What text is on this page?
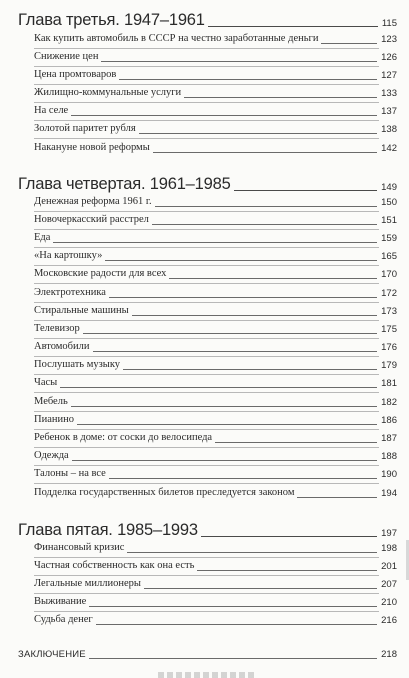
Глава третья. 1947–1961	115
Как купить автомобиль в СССР на честно заработанные деньги	123
Снижение цен	126
Цена промтоваров	127
Жилищно-коммунальные услуги	133
На селе	137
Золотой паритет рубля	138
Накануне новой реформы	142
Глава четвертая. 1961–1985	149
Денежная реформа 1961 г.	150
Новочеркасский расстрел	151
Еда	159
«На картошку»	165
Московские радости для всех	170
Электротехника	172
Стиральные машины	173
Телевизор	175
Автомобили	176
Послушать музыку	179
Часы	181
Мебель	182
Пианино	186
Ребенок в доме: от соски до велосипеда	187
Одежда	188
Талоны – на все	190
Подделка государственных билетов преследуется законом	194
Глава пятая. 1985–1993	197
Финансовый кризис	198
Частная собственность как она есть	201
Легальные миллионеры	207
Выживание	210
Судьба денег	216
ЗАКЛЮЧЕНИЕ	218
